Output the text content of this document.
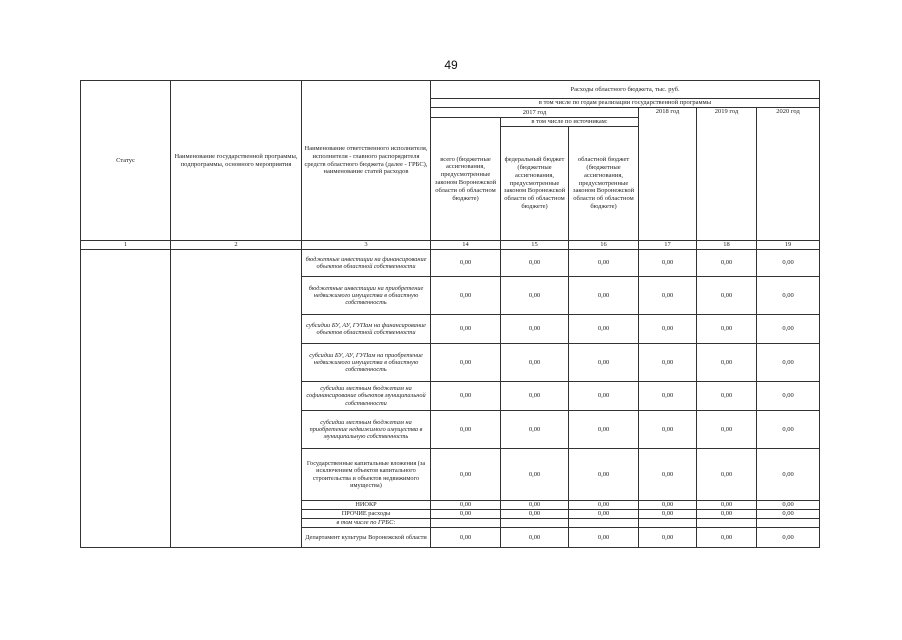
49
Статус	Наименование государственной программы, подпрограммы, основного мероприятия	Наименование ответственного исполнителя, исполнителя - главного распорядителя средств областного бюджета (далее - ГРБС), наименование статей расходов	Расходы областного бюджета, тыс. руб.					
			в том числе по годам реализации государственной программы					
			2017 год			2018 год	2019 год	2020 год
			всего (бюджетные ассигнования, предусмотренные законом Воронежской области об областном бюджете)	в том числе по источникам:				
				федеральный бюджет (бюджетные ассигнования, предусмотренные законом Воронежской области об областном бюджете)	областной бюджет (бюджетные ассигнования, предусмотренные законом Воронежской области об областном бюджете)			
1	2	3	14	15	16	17	18	19
		бюджетные инвестиции на финансирование объектов областной собственности	0,00	0,00	0,00	0,00	0,00	0,00
		бюджетные инвестиции на приобретение недвижимого имущества в областную собственность	0,00	0,00	0,00	0,00	0,00	0,00
		субсидии БУ, АУ, ГУПам на финансирование объектов областной собственности	0,00	0,00	0,00	0,00	0,00	0,00
		субсидии БУ, АУ, ГУПам на приобретение недвижимого имущества в областную собственность	0,00	0,00	0,00	0,00	0,00	0,00
		субсидии местным бюджетам на софинансирование объектов муниципальной собственности	0,00	0,00	0,00	0,00	0,00	0,00
		субсидии местным бюджетам на приобретение недвижимого имущества в муниципальную собственность	0,00	0,00	0,00	0,00	0,00	0,00
		Государственные капитальные вложения (за исключением объектов капитального строительства и объектов недвижимого имущества)	0,00	0,00	0,00	0,00	0,00	0,00
		НИОКР	0,00	0,00	0,00	0,00	0,00	0,00
		ПРОЧИЕ расходы	0,00	0,00	0,00	0,00	0,00	0,00
		в том числе по ГРБС:						
		Департамент культуры Воронежской области	0,00	0,00	0,00	0,00	0,00	0,00
